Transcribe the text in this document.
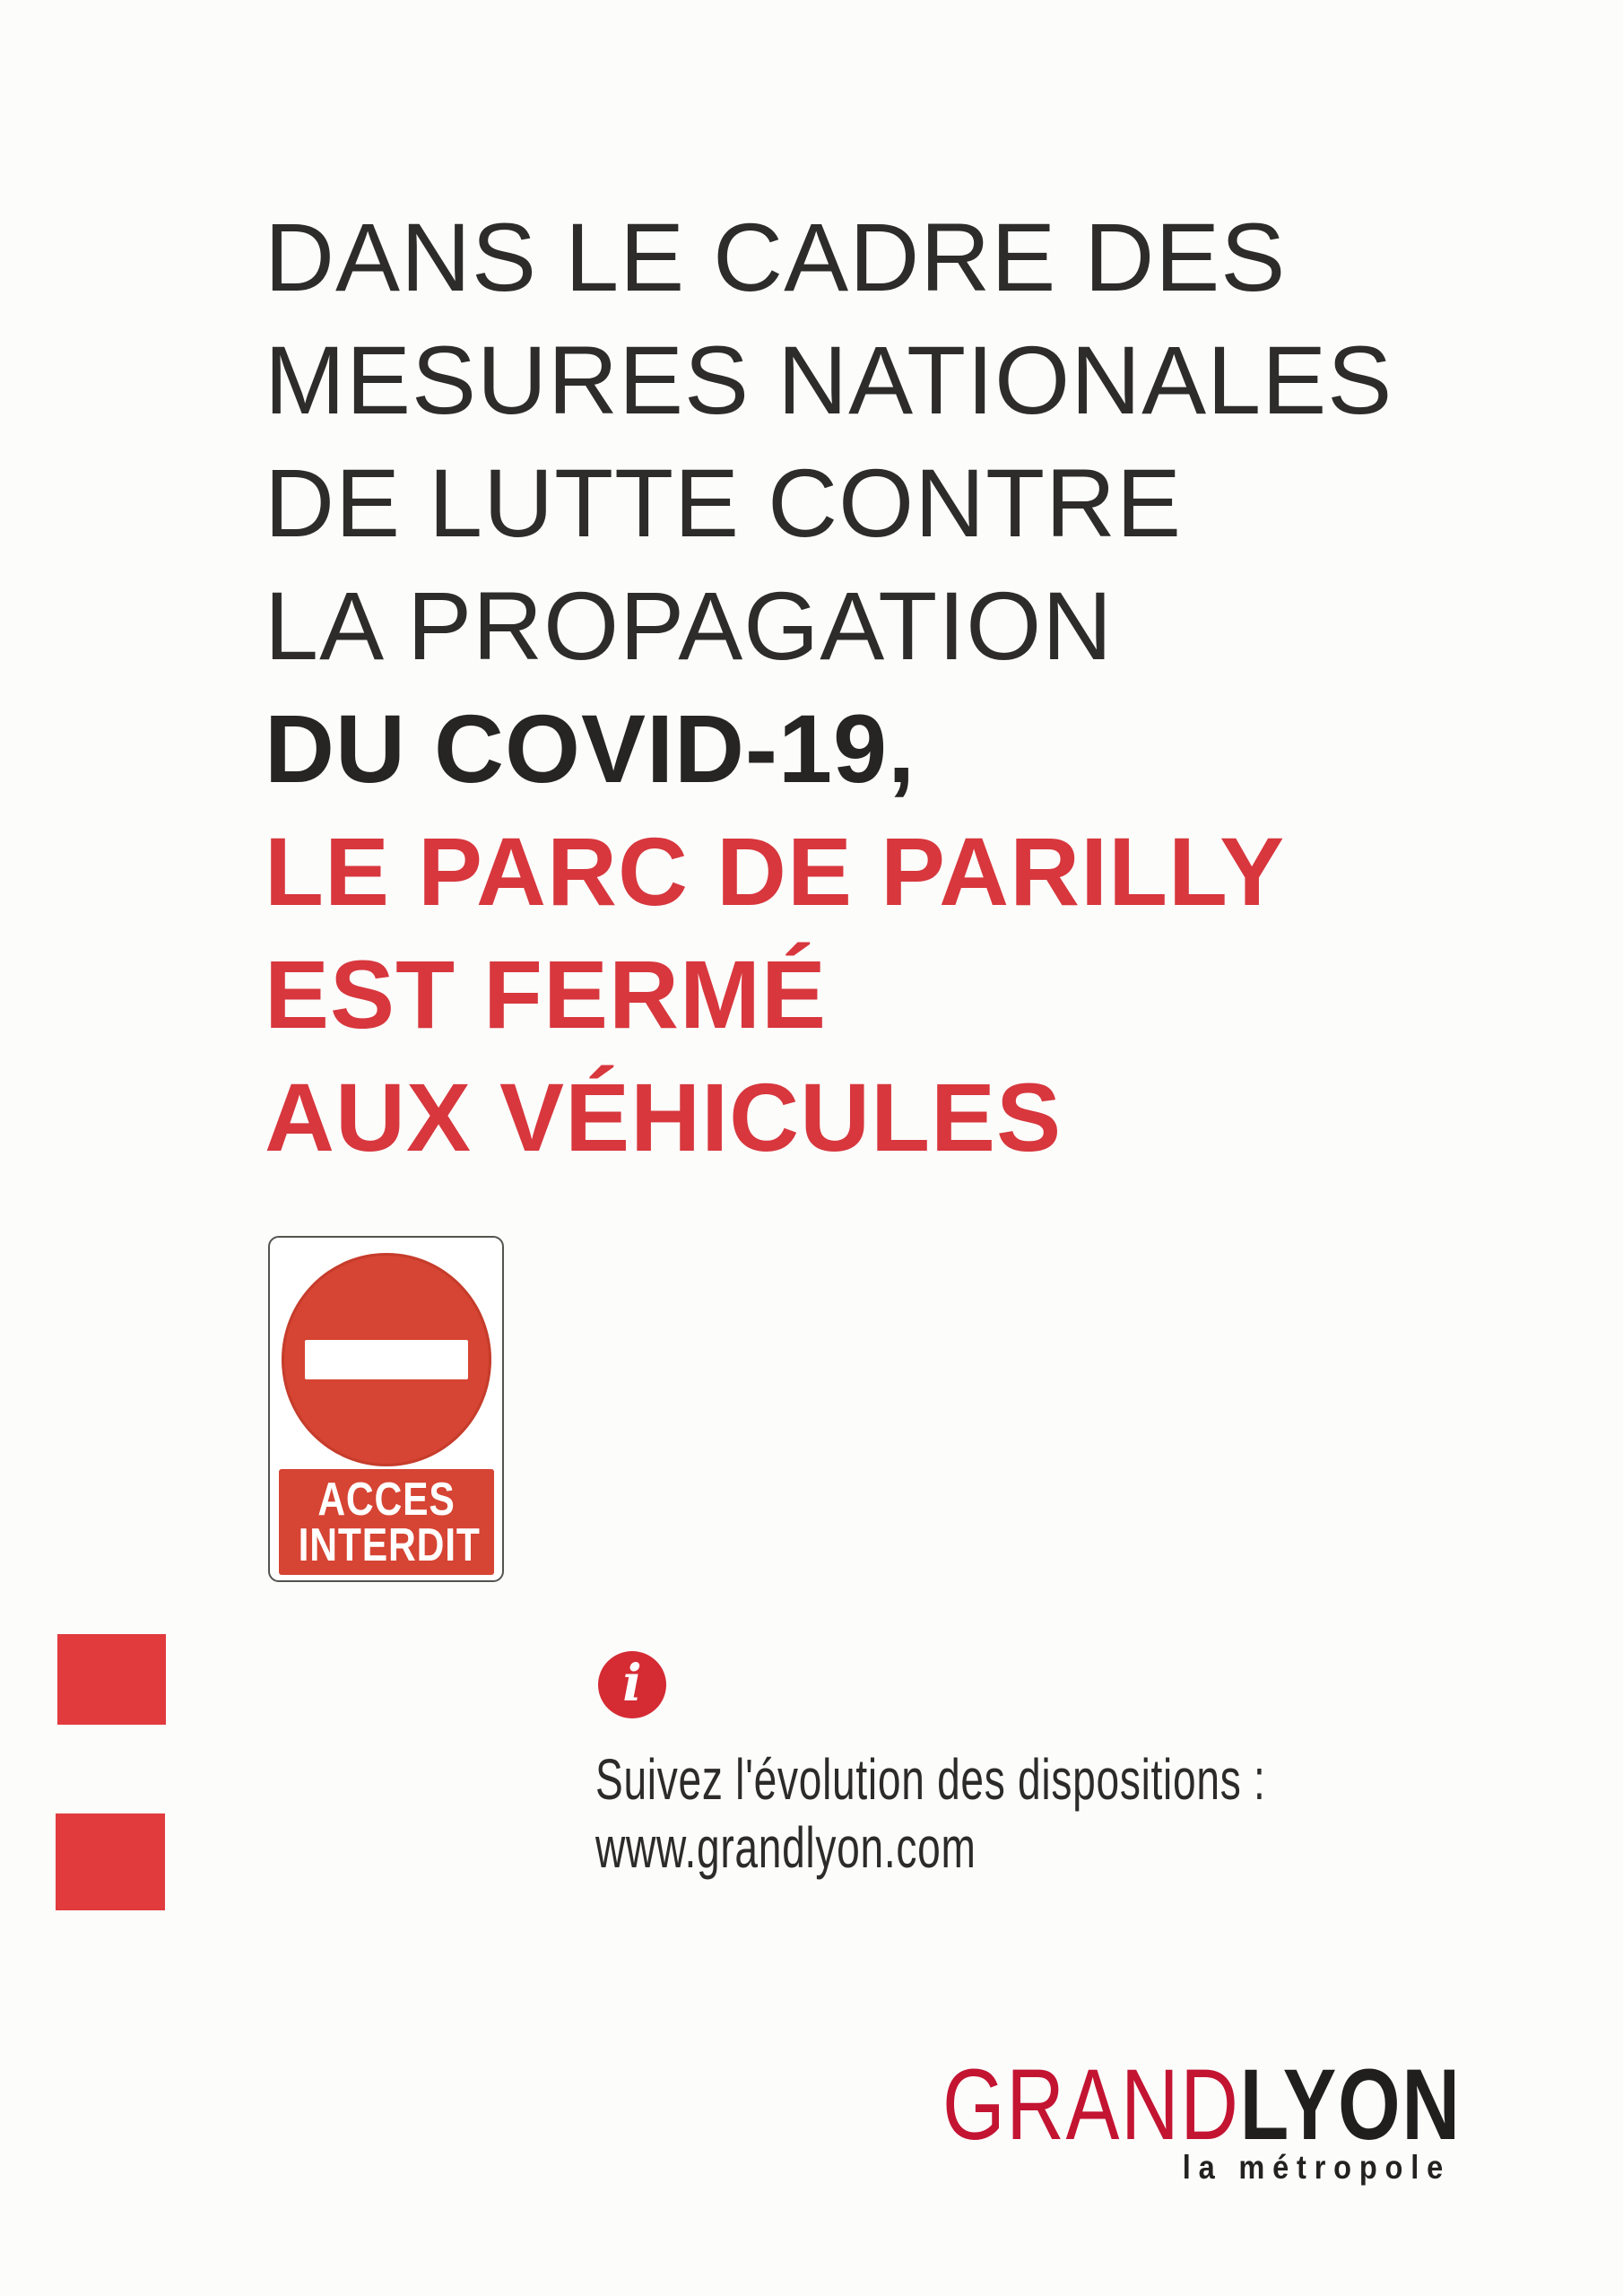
DANS LE CADRE DES
MESURES NATIONALES
DE LUTTE CONTRE
LA PROPAGATION
DU COVID-19,
LE PARC DE PARILLY
EST FERMÉ
AUX VÉHICULES
ACCES
INTERDIT
i
Suivez l'évolution des dispositions :
www.grandlyon.com
GRANDLYON
la métropole
